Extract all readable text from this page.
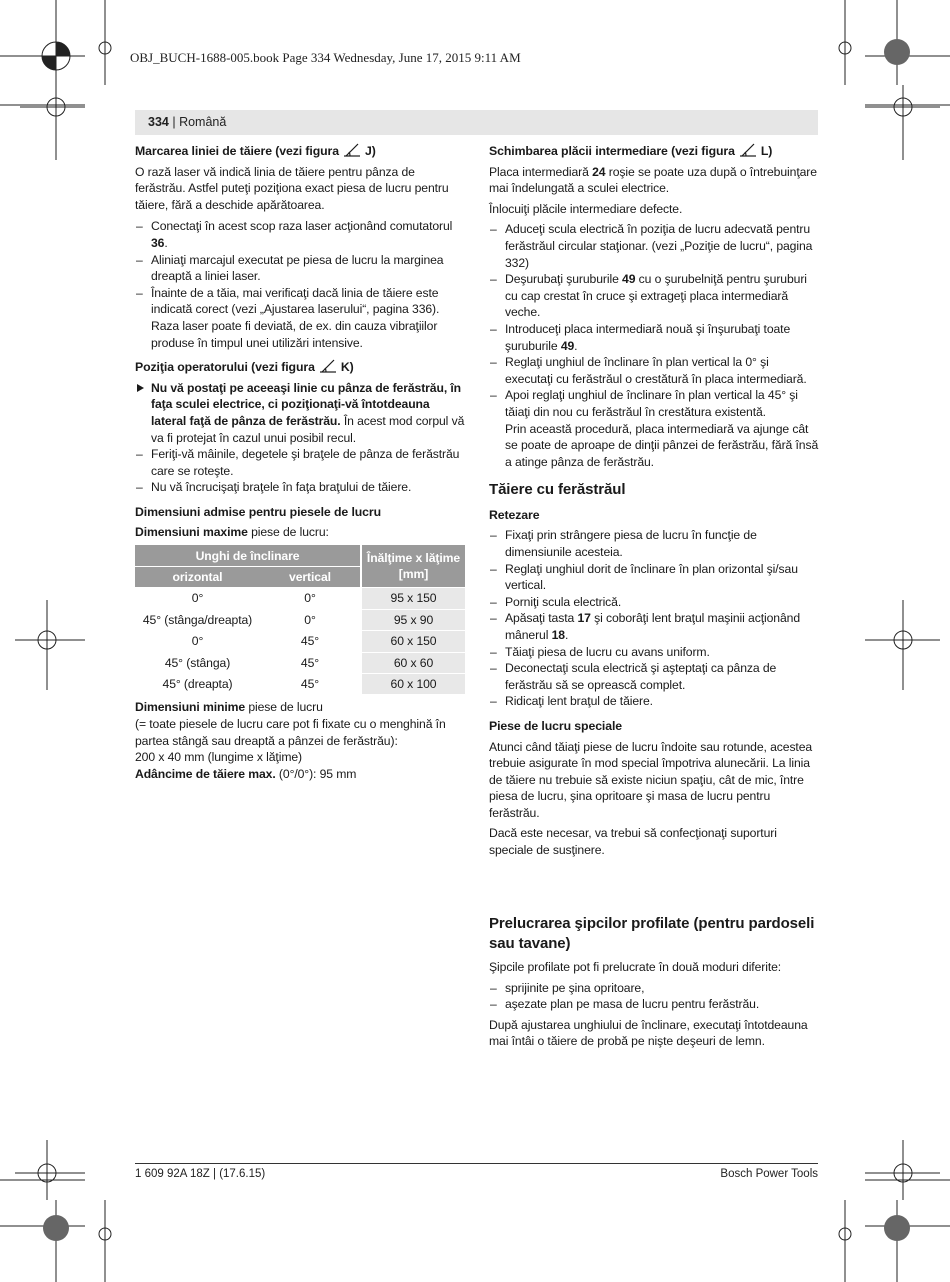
OBJ_BUCH-1688-005.book Page 334 Wednesday, June 17, 2015 9:11 AM
334 | Română

Marcarea liniei de tăiere (vezi figura J)

O rază laser vă indică linia de tăiere pentru pânza de ferăstrău. Astfel puteţi poziţiona exact piesa de lucru pentru tăiere, fără a deschide apărătoarea.

– Conectaţi în acest scop raza laser acţionând comutatorul 36.

– Aliniaţi marcajul executat pe piesa de lucru la marginea dreaptă a liniei laser.

– Înainte de a tăia, mai verificaţi dacă linia de tăiere este indicată corect (vezi „Ajustarea laserului“, pagina 336). Raza laser poate fi deviată, de ex. din cauza vibraţiilor produse în timpul unei utilizări intensive.

Poziţia operatorului (vezi figura K)

Nu vă postaţi pe aceeaşi linie cu pânza de ferăstrău, în faţa sculei electrice, ci poziţionaţi-vă întotdeauna lateral faţă de pânza de ferăstrău. În acest mod corpul vă va fi protejat în cazul unui posibil recul.

– Feriţi-vă mâinile, degetele şi braţele de pânza de ferăstrău care se roteşte.

– Nu vă încrucişaţi braţele în faţa braţului de tăiere.

Dimensiuni admise pentru piesele de lucru

Dimensiuni maxime piese de lucru:

Unghi de înclinare		Înălţime x lăţime [mm]
orizontal	vertical	
0°	0°	95 x 150
45° (stânga/dreapta)	0°	95 x 90
0°	45°	60 x 150
45° (stânga)	45°	60 x 60
45° (dreapta)	45°	60 x 100

Dimensiuni minime piese de lucru

(= toate piesele de lucru care pot fi fixate cu o menghină în partea stângă sau dreaptă a pânzei de ferăstrău):

200 x 40 mm (lungime x lăţime)

Adâncime de tăiere max. (0°/0°): 95 mm

Schimbarea plăcii intermediare (vezi figura L)

Placa intermediară 24 roşie se poate uza după o întrebuinţare mai îndelungată a sculei electrice.

Înlocuiţi plăcile intermediare defecte.

– Aduceţi scula electrică în poziţia de lucru adecvată pentru ferăstrăul circular staţionar. (vezi „Poziţie de lucru“, pagina 332)

– Deşurubaţi şuruburile 49 cu o şurubelniţă pentru şuruburi cu cap crestat în cruce şi extrageţi placa intermediară veche.

– Introduceţi placa intermediară nouă şi înşurubaţi toate şuruburile 49.

– Reglaţi unghiul de înclinare în plan vertical la 0° şi executaţi cu ferăstrăul o crestătură în placa intermediară.

– Apoi reglaţi unghiul de înclinare în plan vertical la 45° şi tăiaţi din nou cu ferăstrăul în crestătura existentă.

Prin această procedură, placa intermediară va ajunge cât se poate de aproape de dinţii pânzei de ferăstrău, fără însă a atinge pânza de ferăstrău.

Tăiere cu ferăstrăul

Retezare

– Fixaţi prin strângere piesa de lucru în funcţie de dimensiunile acesteia.

– Reglaţi unghiul dorit de înclinare în plan orizontal şi/sau vertical.

– Porniţi scula electrică.

– Apăsaţi tasta 17 şi coborâţi lent braţul maşinii acţionând mânerul 18.

– Tăiaţi piesa de lucru cu avans uniform.

– Deconectaţi scula electrică şi aşteptaţi ca pânza de ferăstrău să se oprească complet.

– Ridicaţi lent braţul de tăiere.

Piese de lucru speciale

Atunci când tăiaţi piese de lucru îndoite sau rotunde, acestea trebuie asigurate în mod special împotriva alunecării. La linia de tăiere nu trebuie să existe niciun spaţiu, cât de mic, între piesa de lucru, şina opritoare şi masa de lucru pentru ferăstrău.

Dacă este necesar, va trebui să confecţionaţi suporturi speciale de susţinere.

Prelucrarea şipcilor profilate (pentru pardoseli sau tavane)

Şipcile profilate pot fi prelucrate în două moduri diferite:

– sprijinite pe şina opritoare,

– aşezate plan pe masa de lucru pentru ferăstrău.

După ajustarea unghiului de înclinare, executaţi întotdeauna mai întâi o tăiere de probă pe nişte deşeuri de lemn.

1 609 92A 18Z | (17.6.15)	Bosch Power Tools
